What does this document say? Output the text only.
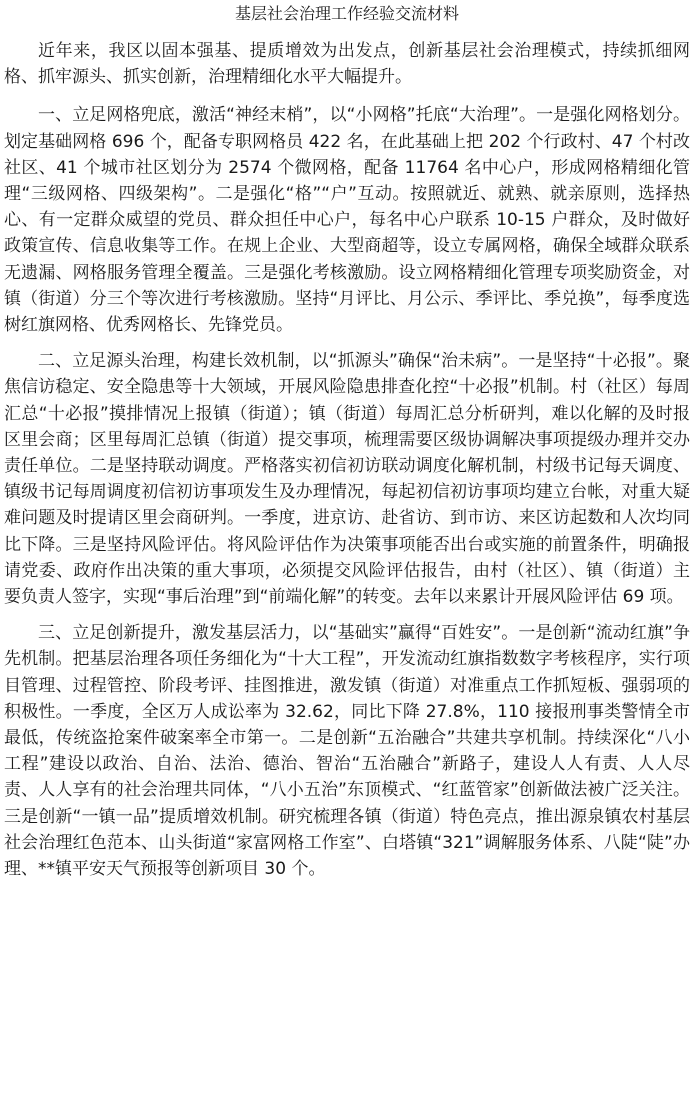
基层社会治理工作经验交流材料

近年来，我区以固本强基、提质增效为出发点，创新基层社会治理模式，持续抓细网格、抓牢源头、抓实创新，治理精细化水平大幅提升。

一、立足网格兜底，激活“神经末梢”，以“小网格”托底“大治理”。一是强化网格划分。划定基础网格 696 个，配备专职网格员 422 名，在此基础上把 202 个行政村、47 个村改社区、41 个城市社区划分为 2574 个微网格，配备 11764 名中心户，形成网格精细化管理“三级网格、四级架构”。二是强化“格”“户”互动。按照就近、就熟、就亲原则，选择热心、有一定群众威望的党员、群众担任中心户，每名中心户联系 10-15 户群众，及时做好政策宣传、信息收集等工作。在规上企业、大型商超等，设立专属网格，确保全域群众联系无遗漏、网格服务管理全覆盖。三是强化考核激励。设立网格精细化管理专项奖励资金，对镇（街道）分三个等次进行考核激励。坚持“月评比、月公示、季评比、季兑换”，每季度选树红旗网格、优秀网格长、先锋党员。

二、立足源头治理，构建长效机制，以“抓源头”确保“治未病”。一是坚持“十必报”。聚焦信访稳定、安全隐患等十大领域，开展风险隐患排查化控“十必报”机制。村（社区）每周汇总“十必报”摸排情况上报镇（街道）；镇（街道）每周汇总分析研判，难以化解的及时报区里会商；区里每周汇总镇（街道）提交事项，梳理需要区级协调解决事项提级办理并交办责任单位。二是坚持联动调度。严格落实初信初访联动调度化解机制，村级书记每天调度、镇级书记每周调度初信初访事项发生及办理情况，每起初信初访事项均建立台帐，对重大疑难问题及时提请区里会商研判。一季度，进京访、赴省访、到市访、来区访起数和人次均同比下降。三是坚持风险评估。将风险评估作为决策事项能否出台或实施的前置条件，明确报请党委、政府作出决策的重大事项，必须提交风险评估报告，由村（社区）、镇（街道）主要负责人签字，实现“事后治理”到“前端化解”的转变。去年以来累计开展风险评估 69 项。

三、立足创新提升，激发基层活力，以“基础实”赢得“百姓安”。一是创新“流动红旗”争先机制。把基层治理各项任务细化为“十大工程”，开发流动红旗指数数字考核程序，实行项目管理、过程管控、阶段考评、挂图推进，激发镇（街道）对准重点工作抓短板、强弱项的积极性。一季度，全区万人成讼率为 32.62，同比下降 27.8%，110 接报刑事类警情全市最低，传统盗抢案件破案率全市第一。二是创新“五治融合”共建共享机制。持续深化“八小工程”建设以政治、自治、法治、德治、智治“五治融合”新路子，建设人人有责、人人尽责、人人享有的社会治理共同体，“八小五治”东顶模式、“红蓝管家”创新做法被广泛关注。三是创新“一镇一品”提质增效机制。研究梳理各镇（街道）特色亮点，推出源泉镇农村基层社会治理红色范本、山头街道“家富网格工作室”、白塔镇“321”调解服务体系、八陡“陡”办理、**镇平安天气预报等创新项目 30 个。
